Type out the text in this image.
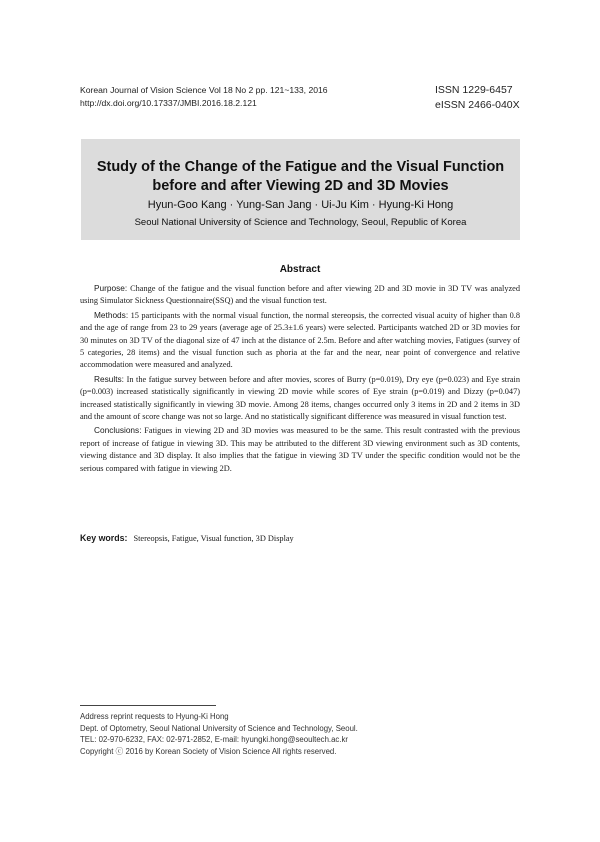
Korean Journal of Vision Science Vol 18 No 2 pp. 121~133, 2016
http://dx.doi.org/10.17337/JMBI.2016.18.2.121
ISSN 1229-6457
eISSN 2466-040X
Study of the Change of the Fatigue and the Visual Function
before and after Viewing 2D and 3D Movies
Hyun-Goo Kang · Yung-San Jang · Ui-Ju Kim · Hyung-Ki Hong
Seoul National University of Science and Technology, Seoul, Republic of Korea
Abstract

Purpose: Change of the fatigue and the visual function before and after viewing 2D and 3D movie in 3D TV was analyzed using Simulator Sickness Questionnaire(SSQ) and the visual function test.

Methods: 15 participants with the normal visual function, the normal stereopsis, the corrected visual acuity of higher than 0.8 and the age of range from 23 to 29 years (average age of 25.3±1.6 years) were selected. Participants watched 2D or 3D movies for 30 minutes on 3D TV of the diagonal size of 47 inch at the distance of 2.5m. Before and after watching movies, Fatigues (survey of 5 categories, 28 items) and the visual function such as phoria at the far and the near, near point of convergence and relative accommodation were measured and analyzed.

Results: In the fatigue survey between before and after movies, scores of Burry (p=0.019), Dry eye (p=0.023) and Eye strain (p=0.003) increased statistically significantly in viewing 2D movie while scores of Eye strain (p=0.019) and Dizzy (p=0.047) increased statistically significantly in viewing 3D movie. Among 28 items, changes occurred only 3 items in 2D and 2 items in 3D and the amount of score change was not so large. And no statistically significant difference was measured in visual function test.

Conclusions: Fatigues in viewing 2D and 3D movies was measured to be the same. This result contrasted with the previous report of increase of fatigue in viewing 3D. This may be attributed to the different 3D viewing environment such as 3D contents, viewing distance and 3D display. It also implies that the fatigue in viewing 3D TV under the specific condition would not be the serious compared with fatigue in viewing 2D.

Key words: Stereopsis, Fatigue, Visual function, 3D Display
Address reprint requests to Hyung-Ki Hong
Dept. of Optometry, Seoul National University of Science and Technology, Seoul.
TEL: 02-970-6232, FAX: 02-971-2852, E-mail: hyungki.hong@seoultech.ac.kr
Copyright ⓒ 2016 by Korean Society of Vision Science All rights reserved.
